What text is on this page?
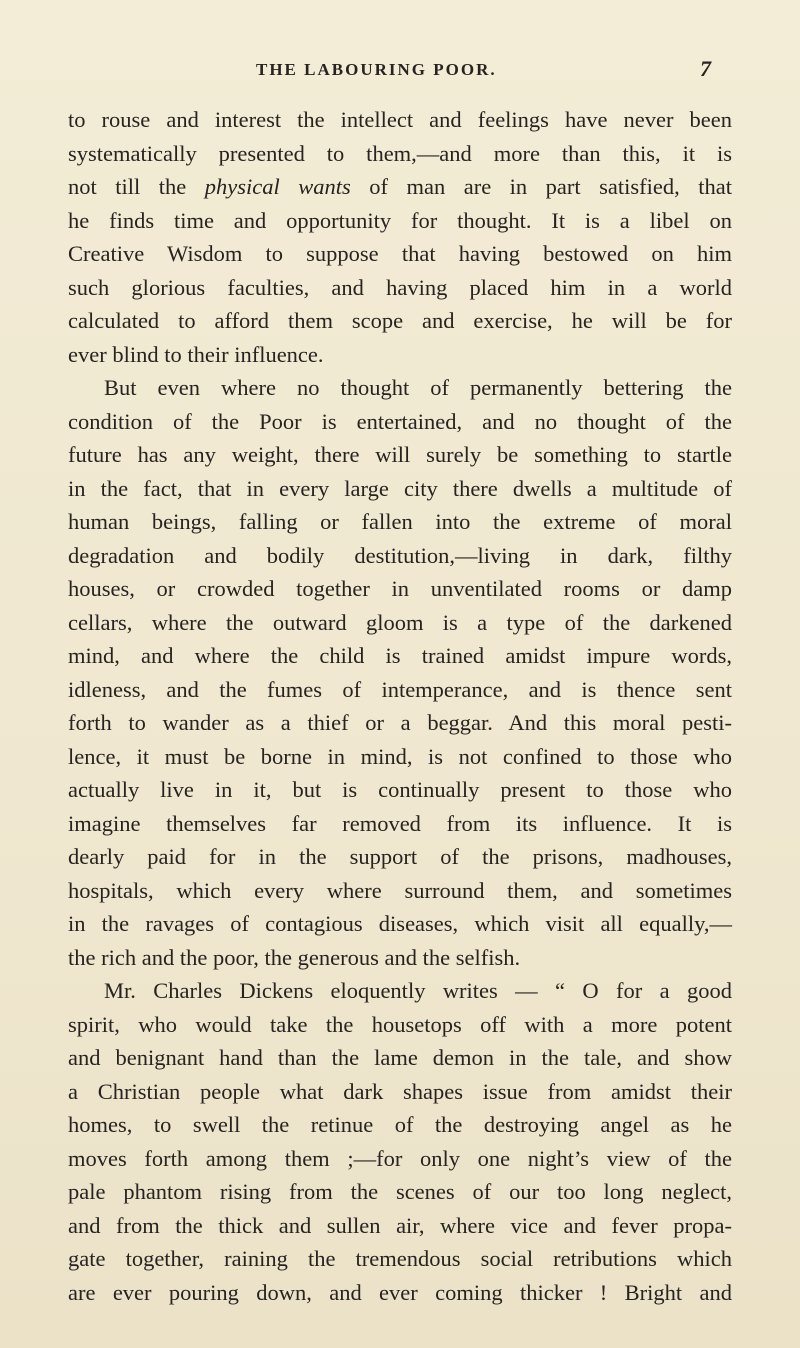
THE LABOURING POOR.	7
to rouse and interest the intellect and feelings have never been
systematically presented to them,—and more than this, it is
not till the physical wants of man are in part satisfied, that
he finds time and opportunity for thought. It is a libel on
Creative Wisdom to suppose that having bestowed on him
such glorious faculties, and having placed him in a world
calculated to afford them scope and exercise, he will be for
ever blind to their influence.
But even where no thought of permanently bettering the
condition of the Poor is entertained, and no thought of the
future has any weight, there will surely be something to startle
in the fact, that in every large city there dwells a multitude of
human beings, falling or fallen into the extreme of moral
degradation and bodily destitution,—living in dark, filthy
houses, or crowded together in unventilated rooms or damp
cellars, where the outward gloom is a type of the darkened
mind, and where the child is trained amidst impure words,
idleness, and the fumes of intemperance, and is thence sent
forth to wander as a thief or a beggar. And this moral pesti-
lence, it must be borne in mind, is not confined to those who
actually live in it, but is continually present to those who
imagine themselves far removed from its influence. It is
dearly paid for in the support of the prisons, madhouses,
hospitals, which every where surround them, and sometimes
in the ravages of contagious diseases, which visit all equally,—
the rich and the poor, the generous and the selfish.
Mr. Charles Dickens eloquently writes — “ O for a good
spirit, who would take the housetops off with a more potent
and benignant hand than the lame demon in the tale, and show
a Christian people what dark shapes issue from amidst their
homes, to swell the retinue of the destroying angel as he
moves forth among them ;—for only one night’s view of the
pale phantom rising from the scenes of our too long neglect,
and from the thick and sullen air, where vice and fever propa-
gate together, raining the tremendous social retributions which
are ever pouring down, and ever coming thicker ! Bright and
